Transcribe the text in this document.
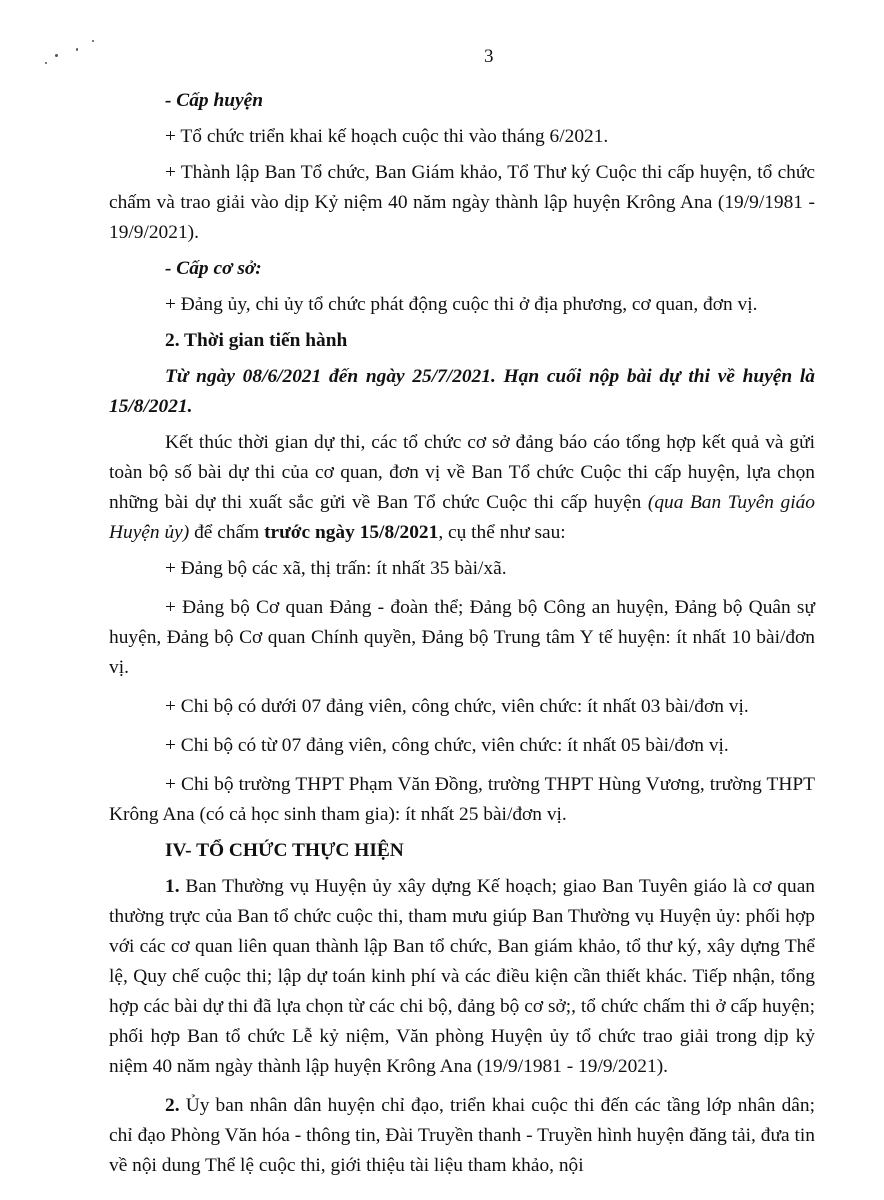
3

- Cấp huyện

+ Tổ chức triển khai kế hoạch cuộc thi vào tháng 6/2021.

+ Thành lập Ban Tổ chức, Ban Giám khảo, Tổ Thư ký Cuộc thi cấp huyện, tổ chức chấm và trao giải vào dịp Kỷ niệm 40 năm ngày thành lập huyện Krông Ana (19/9/1981 - 19/9/2021).

- Cấp cơ sở:

+ Đảng ủy, chi ủy tổ chức phát động cuộc thi ở địa phương, cơ quan, đơn vị.

2. Thời gian tiến hành

Từ ngày 08/6/2021 đến ngày 25/7/2021. Hạn cuối nộp bài dự thi về huyện là 15/8/2021.

Kết thúc thời gian dự thi, các tổ chức cơ sở đảng báo cáo tổng hợp kết quả và gửi toàn bộ số bài dự thi của cơ quan, đơn vị về Ban Tổ chức Cuộc thi cấp huyện, lựa chọn những bài dự thi xuất sắc gửi về Ban Tổ chức Cuộc thi cấp huyện (qua Ban Tuyên giáo Huyện ủy) để chấm trước ngày 15/8/2021, cụ thể như sau:

+ Đảng bộ các xã, thị trấn: ít nhất 35 bài/xã.

+ Đảng bộ Cơ quan Đảng - đoàn thể; Đảng bộ Công an huyện, Đảng bộ Quân sự huyện, Đảng bộ Cơ quan Chính quyền, Đảng bộ Trung tâm Y tế huyện: ít nhất 10 bài/đơn vị.

+ Chi bộ có dưới 07 đảng viên, công chức, viên chức: ít nhất 03 bài/đơn vị.

+ Chi bộ có từ 07 đảng viên, công chức, viên chức: ít nhất 05 bài/đơn vị.

+ Chi bộ trường THPT Phạm Văn Đồng, trường THPT Hùng Vương, trường THPT Krông Ana (có cả học sinh tham gia): ít nhất 25 bài/đơn vị.

IV- TỔ CHỨC THỰC HIỆN

1. Ban Thường vụ Huyện ủy xây dựng Kế hoạch; giao Ban Tuyên giáo là cơ quan thường trực của Ban tổ chức cuộc thi, tham mưu giúp Ban Thường vụ Huyện ủy: phối hợp với các cơ quan liên quan thành lập Ban tổ chức, Ban giám khảo, tổ thư ký, xây dựng Thể lệ, Quy chế cuộc thi; lập dự toán kinh phí và các điều kiện cần thiết khác. Tiếp nhận, tổng hợp các bài dự thi đã lựa chọn từ các chi bộ, đảng bộ cơ sở;, tổ chức chấm thi ở cấp huyện; phối hợp Ban tổ chức Lễ kỷ niệm, Văn phòng Huyện ủy tổ chức trao giải trong dịp kỷ niệm 40 năm ngày thành lập huyện Krông Ana (19/9/1981 - 19/9/2021).

2. Ủy ban nhân dân huyện chỉ đạo, triển khai cuộc thi đến các tầng lớp nhân dân; chỉ đạo Phòng Văn hóa - thông tin, Đài Truyền thanh - Truyền hình huyện đăng tải, đưa tin về nội dung Thể lệ cuộc thi, giới thiệu tài liệu tham khảo, nội
